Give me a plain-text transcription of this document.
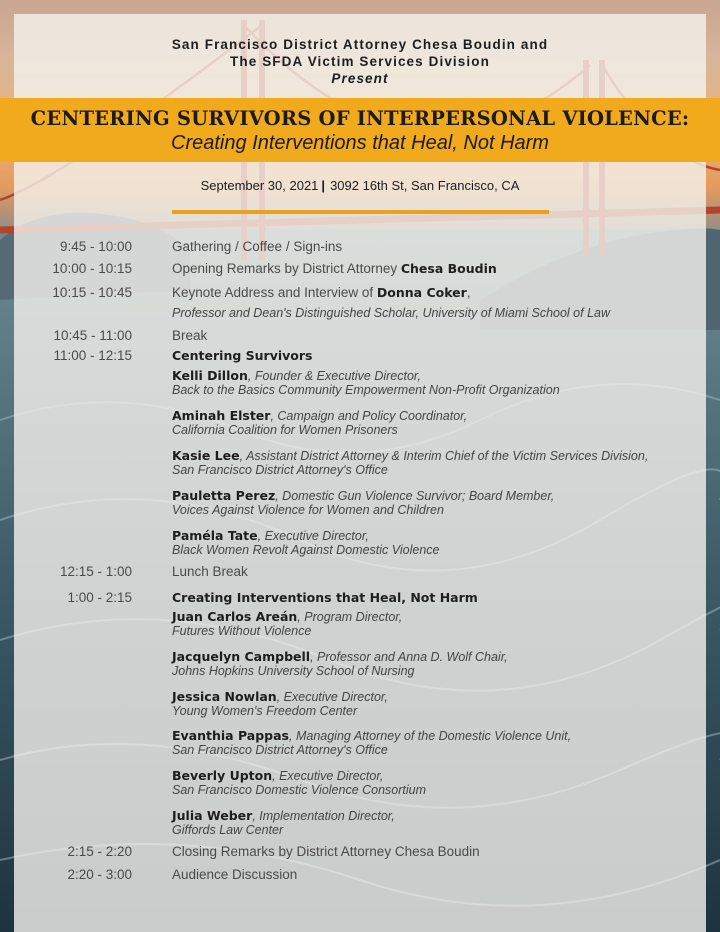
San Francisco District Attorney Chesa Boudin and
The SFDA Victim Services Division
Present
CENTERING SURVIVORS OF INTERPERSONAL VIOLENCE:
Creating Interventions that Heal, Not Harm
September 30, 2021 | 3092 16th St, San Francisco, CA
9:45 - 10:00	Gathering / Coffee / Sign-ins
10:00 - 10:15	Opening Remarks by District Attorney Chesa Boudin
10:15 - 10:45	Keynote Address and Interview of Donna Coker,
Professor and Dean's Distinguished Scholar, University of Miami School of Law
10:45 - 11:00	Break
11:00 - 12:15	Centering Survivors
Kelli Dillon, Founder & Executive Director,
Back to the Basics Community Empowerment Non-Profit Organization
Aminah Elster, Campaign and Policy Coordinator,
California Coalition for Women Prisoners
Kasie Lee, Assistant District Attorney & Interim Chief of the Victim Services Division,
San Francisco District Attorney's Office
Pauletta Perez, Domestic Gun Violence Survivor; Board Member,
Voices Against Violence for Women and Children
Paméla Tate, Executive Director,
Black Women Revolt Against Domestic Violence
12:15 - 1:00	Lunch Break
1:00 - 2:15	Creating Interventions that Heal, Not Harm
Juan Carlos Areán, Program Director,
Futures Without Violence
Jacquelyn Campbell, Professor and Anna D. Wolf Chair,
Johns Hopkins University School of Nursing
Jessica Nowlan, Executive Director,
Young Women's Freedom Center
Evanthia Pappas, Managing Attorney of the Domestic Violence Unit,
San Francisco District Attorney's Office
Beverly Upton, Executive Director,
San Francisco Domestic Violence Consortium
Julia Weber, Implementation Director,
Giffords Law Center
2:15 - 2:20	Closing Remarks by District Attorney Chesa Boudin
2:20 - 3:00	Audience Discussion
